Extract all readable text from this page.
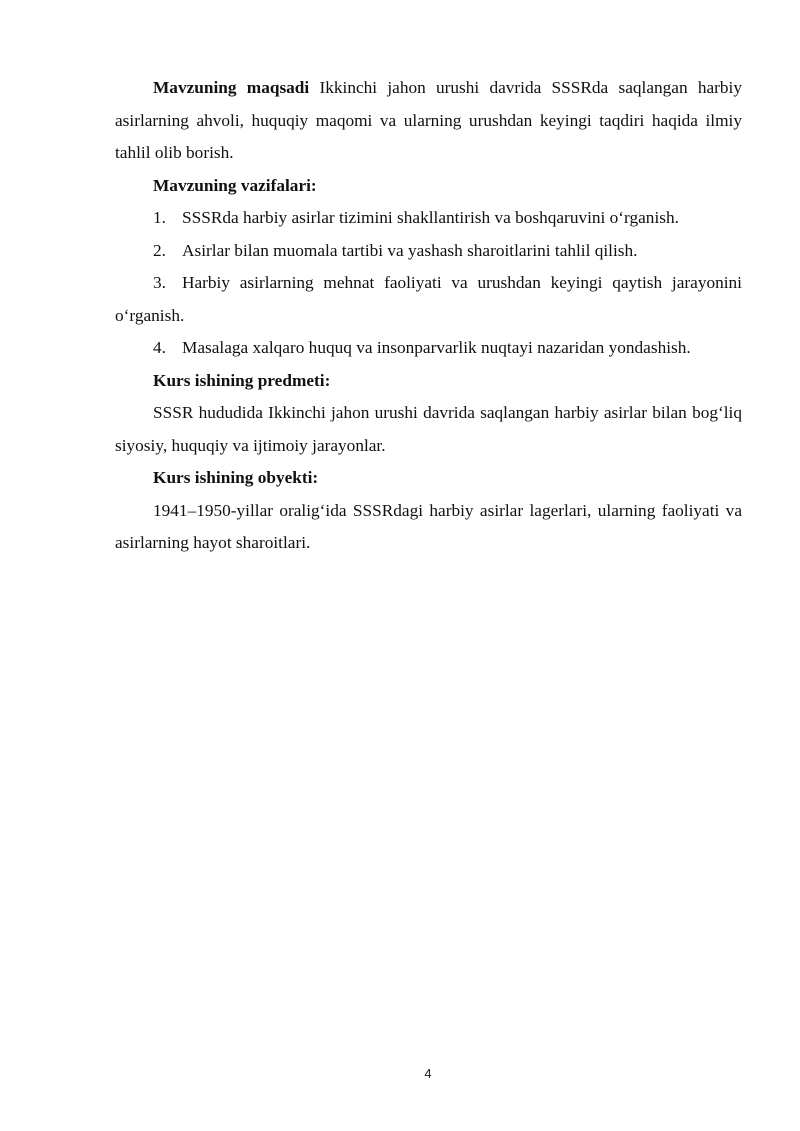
Mavzuning maqsadi Ikkinchi jahon urushi davrida SSSRda saqlangan harbiy asirlarning ahvoli, huquqiy maqomi va ularning urushdan keyingi taqdiri haqida ilmiy tahlil olib borish.

Mavzuning vazifalari:

1. SSSRda harbiy asirlar tizimini shakllantirish va boshqaruvini o‘rganish.

2. Asirlar bilan muomala tartibi va yashash sharoitlarini tahlil qilish.

3. Harbiy asirlarning mehnat faoliyati va urushdan keyingi qaytish jarayonini o‘rganish.

4. Masalaga xalqaro huquq va insonparvarlik nuqtayi nazaridan yondashish.

Kurs ishining predmeti:

SSSR hududida Ikkinchi jahon urushi davrida saqlangan harbiy asirlar bilan bog‘liq siyosiy, huquqiy va ijtimoiy jarayonlar.

Kurs ishining obyekti:

1941–1950-yillar oralig‘ida SSSRdagi harbiy asirlar lagerlari, ularning faoliyati va asirlarning hayot sharoitlari.

4
